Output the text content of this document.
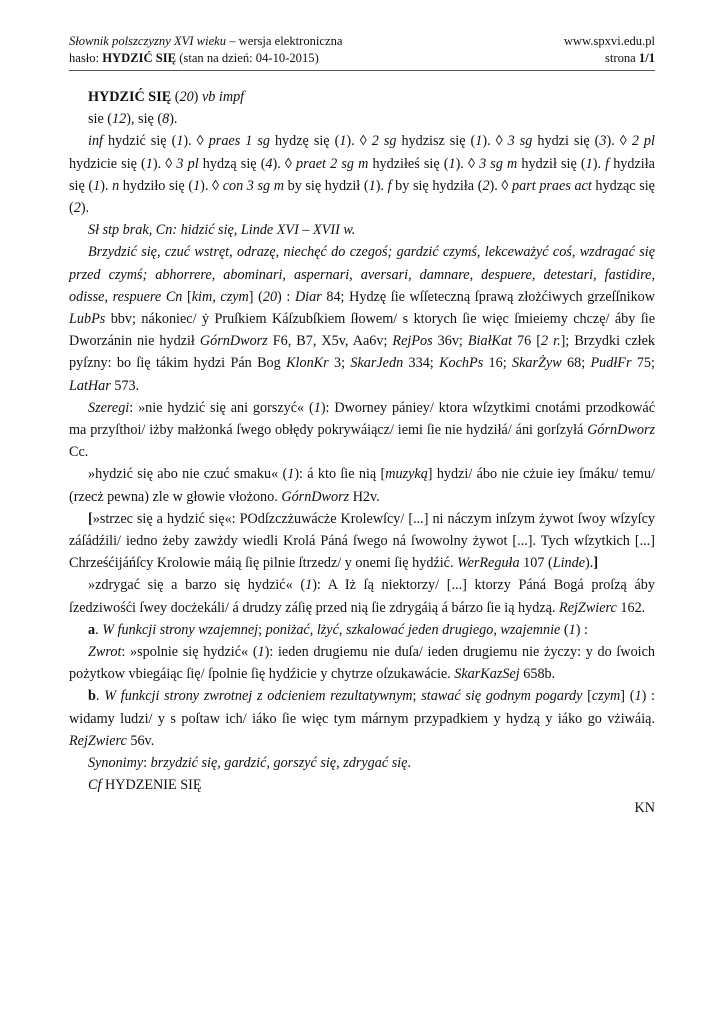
Słownik polszczyzny XVI wieku – wersja elektroniczna	www.spxvi.edu.pl
hasło: HYDZIĆ SIĘ (stan na dzień: 04-10-2015)	strona 1/1

HYDZIĆ SIĘ (20) vb impf

sie (12), się (8).

inf hydzić się (1). ◊ praes 1 sg hydzę się (1). ◊ 2 sg hydzisz się (1). ◊ 3 sg hydzi się (3). ◊ 2 pl hydzicie się (1). ◊ 3 pl hydzą się (4). ◊ praet 2 sg m hydziłeś się (1). ◊ 3 sg m hydził się (1). f hydziła się (1). n hydziło się (1). ◊ con 3 sg m by się hydził (1). f by się hydziła (2). ◊ part praes act hydząc się (2).

Sł stp brak, Cn: hidzić się, Linde XVI – XVII w.

Brzydzić się, czuć wstręt, odrazę, niechęć do czegoś; gardzić czymś, lekceważyć coś, wzdragać się przed czymś; abhorrere, abominari, aspernari, aversari, damnare, despuere, detestari, fastidire, odisse, respuere Cn [kim, czym] (20) : Diar 84; Hydzę ſie wſſeteczną ſprawą złożćiwych grzeſſnikow LubPs bbv; nákoniec/ ẏ Pruſkiem Káſzubſkiem ſłowem/ s ktorych ſie więc ſmieiemy chczę/ áby ſie Dworzánin nie hydził GórnDworz F6, B7, X5v, Aa6v; RejPos 36v; BiałKat 76 [2 r.]; Brzydki człek pyſzny: bo ſię tákim hydzi Pán Bog KlonKr 3; SkarJedn 334; KochPs 16; SkarŻyw 68; PudłFr 75; LatHar 573.

Szeregi: »nie hydzić się ani gorszyć« (1): Dworney pániey/ ktora wſzytkimi cnotámi przodkowáć ma przyſthoi/ iżby małżonká ſwego obłędy pokrywáiącz/ iemi ſie nie hydziłá/ áni gorſzyłá GórnDworz Cc.

»hydzić się abo nie czuć smaku« (1): á kto ſie nią [muzyką] hydzi/ ábo nie cżuie iey ſmáku/ temu/ (rzecż pewna) zle w głowie vłożono. GórnDworz H2v.

[»strzec się a hydzić się«: POdſzczżuwácże Krolewſcy/ [...] ni náczym inſzym żywot ſwoy wſzyſcy záſádźili/ iedno żeby zawżdy wiedli Krolá Páná ſwego ná ſwowolny żywot [...]. Tych wſzytkich [...] Chrześćijáńſcy Krolowie máią ſię pilnie ſtrzedz/ y onemi ſię hydźić. WerReguła 107 (Linde).]

»zdrygać się a barzo się hydzić« (1): A Iż ſą niektorzy/ [...] ktorzy Páná Bogá proſzą áby ſzedziwośći ſwey docżekáli/ á drudzy záſię przed nią ſie zdrygáią á bárzo ſie ią hydzą. RejZwierc 162.

a. W funkcji strony wzajemnej; poniżać, lżyć, szkalować jeden drugiego, wzajemnie (1) :

Zwrot: »spolnie się hydzić« (1): ieden drugiemu nie duſa/ ieden drugiemu nie życzy: y do ſwoich pożytkow vbiegáiąc ſię/ ſpolnie ſię hydźicie y chytrze oſzukawácie. SkarKazSej 658b.

b. W funkcji strony zwrotnej z odcieniem rezultatywnym; stawać się godnym pogardy [czym] (1) : widamy ludzi/ y s poſtaw ich/ iáko ſie więc tym márnym przypadkiem y hydzą y iáko go vżiwáią. RejZwierc 56v.

Synonimy: brzydzić się, gardzić, gorszyć się, zdrygać się.

Cf HYDZENIE SIĘ

KN
